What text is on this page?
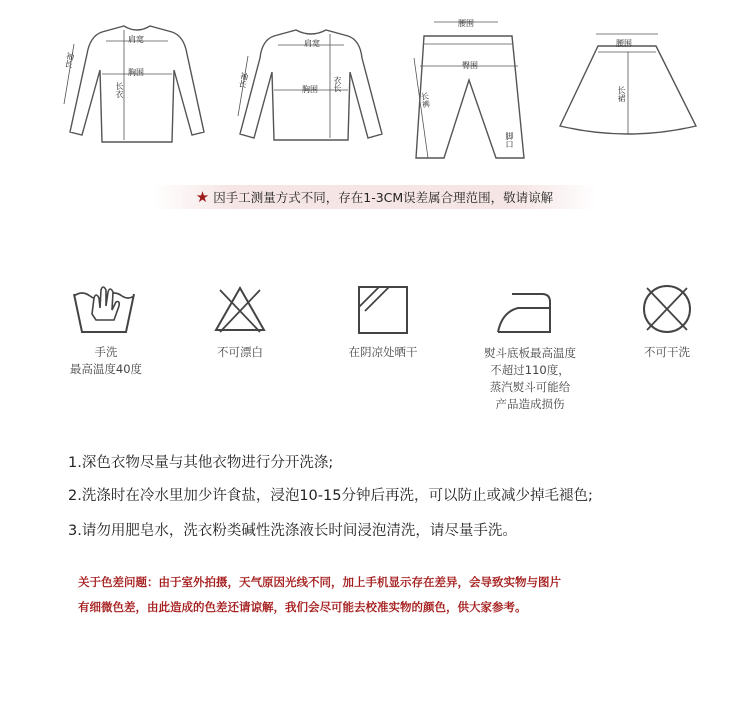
肩宽
胸围
长衣
袖长
肩宽
胸围 衣长
袖长
腰围
臀围
长裤
脚口
腰围
长裙
★ 因手工测量方式不同，存在1-3CM误差属合理范围，敬请谅解
手洗
最高温度40度
不可漂白	在阴凉处晒干	熨斗底板最高温度
不超过110度，
蒸汽熨斗可能给
产品造成损伤
不可干洗
1.深色衣物尽量与其他衣物进行分开洗涤;
2.洗涤时在冷水里加少许食盐，浸泡10-15分钟后再洗，可以防止或减少掉毛褪色;
3.请勿用肥皂水，洗衣粉类碱性洗涤液长时间浸泡清洗，请尽量手洗。
关于色差问题：由于室外拍摄，天气原因光线不同，加上手机显示存在差异，会导致实物与图片
有细微色差，由此造成的色差还请谅解，我们会尽可能去校准实物的颜色，供大家参考。
